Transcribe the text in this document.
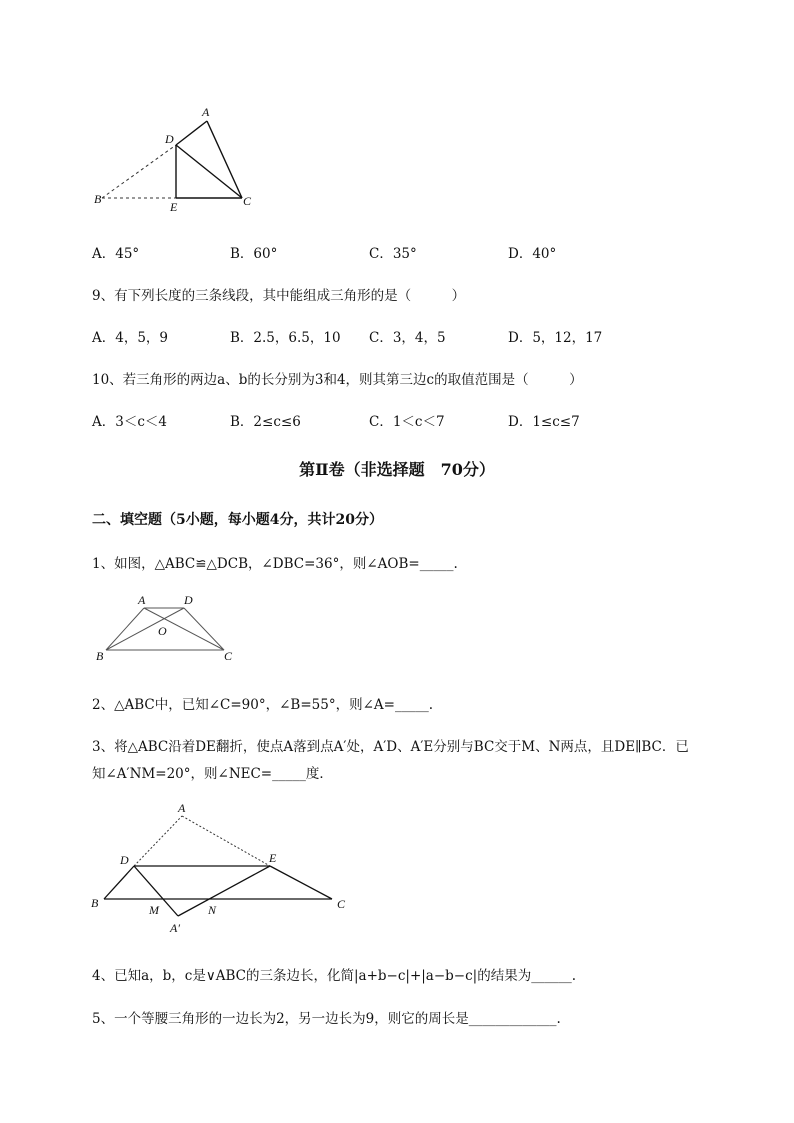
A
D
B
E	C
A．45°	B．60°	C．35°	D．40°
9、有下列长度的三条线段，其中能组成三角形的是（　　　）
A．4，5，9	B．2.5，6.5，10 C．3，4，5	D．5，12，17
10、若三角形的两边a、b的长分别为3和4，则其第三边c的取值范围是（　　　）
A．3＜c＜4	B．2≤c≤6	C．1＜c＜7	D．1≤c≤7
第Ⅱ卷（非选择题　70分）
二、填空题（5小题，每小题4分，共计20分）
1、如图，△ABC≌△DCB，∠DBC=36°，则∠AOB=_____.
A	D
O
B	C
2、△ABC中，已知∠C=90°，∠B=55°，则∠A=_____.
3、将△ABC沿着DE翻折，使点A落到点A′处，A′D、A′E分别与BC交于M、N两点，且DE∥BC．已
知∠A′NM=20°，则∠NEC=_____度．
A
D	E
B	M	N	C
A′
4、已知a，b，c是∨ABC的三条边长，化简|a+b−c|+|a−b−c|的结果为______.
5、一个等腰三角形的一边长为2，另一边长为9，则它的周长是_____________.
